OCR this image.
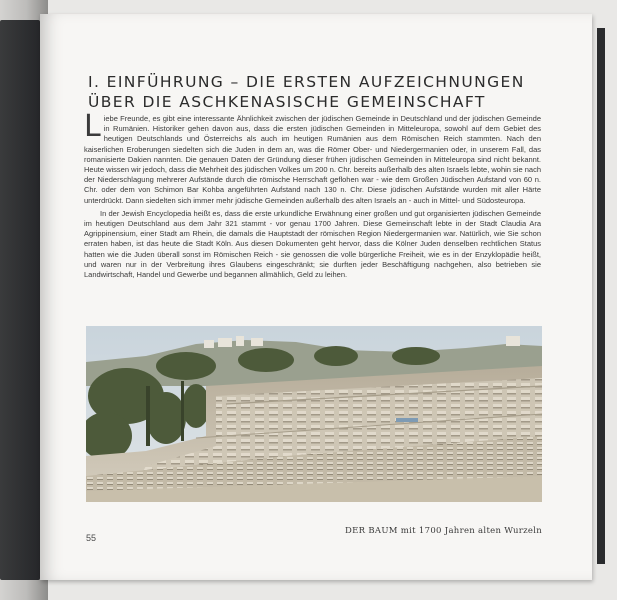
I. EINFÜHRUNG – DIE ERSTEN AUFZEICHNUNGEN
ÜBER DIE ASCHKENASISCHE GEMEINSCHAFT

Liebe Freunde, es gibt eine interessante Ähnlichkeit zwischen der jüdischen Gemeinde in Deutschland und der jüdischen Gemeinde in Rumänien. Historiker gehen davon aus, dass die ersten jüdischen Gemeinden in Mitteleuropa, sowohl auf dem Gebiet des heutigen Deutschlands und Österreichs als auch im heutigen Rumänien aus dem Römischen Reich stammten. Nach den kaiserlichen Eroberungen siedelten sich die Juden in dem an, was die Römer Ober- und Niedergermanien oder, in unserem Fall, das romanisierte Dakien nannten. Die genauen Daten der Gründung dieser frühen jüdischen Gemeinden in Mitteleuropa sind nicht bekannt. Heute wissen wir jedoch, dass die Mehrheit des jüdischen Volkes um 200 n. Chr. bereits außerhalb des alten Israels lebte, wohin sie nach der Niederschlagung mehrerer Aufstände durch die römische Herrschaft geflohen war - wie dem Großen Jüdischen Aufstand von 60 n. Chr. oder dem von Schimon Bar Kohba angeführten Aufstand nach 130 n. Chr. Diese jüdischen Aufstände wurden mit aller Härte unterdrückt. Dann siedelten sich immer mehr jüdische Gemeinden außerhalb des alten Israels an - auch in Mittel- und Südosteuropa.

In der Jewish Encyclopedia heißt es, dass die erste urkundliche Erwähnung einer großen und gut organisierten jüdischen Gemeinde im heutigen Deutschland aus dem Jahr 321 stammt - vor genau 1700 Jahren. Diese Gemeinschaft lebte in der Stadt Claudia Ara Agrippinensium, einer Stadt am Rhein, die damals die Hauptstadt der römischen Region Niedergermanien war. Natürlich, wie Sie schon erraten haben, ist das heute die Stadt Köln. Aus diesen Dokumenten geht hervor, dass die Kölner Juden denselben rechtlichen Status hatten wie die Juden überall sonst im Römischen Reich - sie genossen die volle bürgerliche Freiheit, wie es in der Enzyklopädie heißt, und waren nur in der Verbreitung ihres Glaubens eingeschränkt; sie durften jeder Beschäftigung nachgehen, also betrieben sie Landwirtschaft, Handel und Gewerbe und begannen allmählich, Geld zu leihen.

55
DER BAUM mit 1700 Jahren alten Wurzeln
